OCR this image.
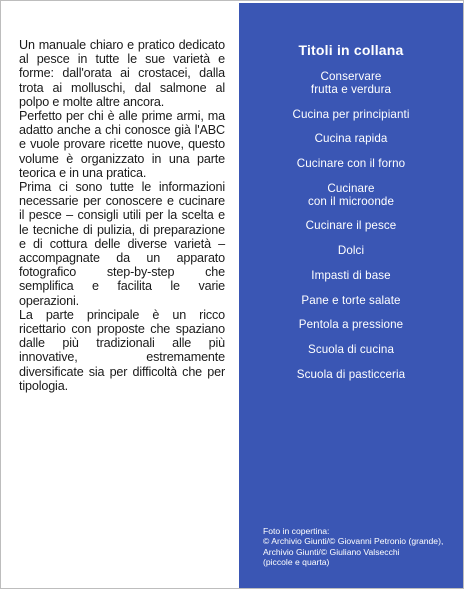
Un manuale chiaro e pratico dedicato al pesce in tutte le sue varietà e forme: dall'orata ai crostacei, dalla trota ai molluschi, dal salmone al polpo e molte altre ancora.

Perfetto per chi è alle prime armi, ma adatto anche a chi conosce già l'ABC e vuole provare ricette nuove, questo volume è organizzato in una parte teorica e in una pratica.

Prima ci sono tutte le informazioni necessarie per conoscere e cucinare il pesce – consigli utili per la scelta e le tecniche di pulizia, di preparazione e di cottura delle diverse varietà – accompagnate da un apparato fotografico step-by-step che semplifica e facilita le varie operazioni.

La parte principale è un ricco ricettario con proposte che spaziano dalle più tradizionali alle più innovative, estremamente diversificate sia per difficoltà che per tipologia.

Titoli in collana
Conservare
frutta e verdura
Cucina per principianti
Cucina rapida
Cucinare con il forno
Cucinare
con il microonde
Cucinare il pesce
Dolci
Impasti di base
Pane e torte salate
Pentola a pressione
Scuola di cucina
Scuola di pasticceria
Foto in copertina:
© Archivio Giunti/© Giovanni Petronio (grande),
Archivio Giunti/© Giuliano Valsecchi
(piccole e quarta)
